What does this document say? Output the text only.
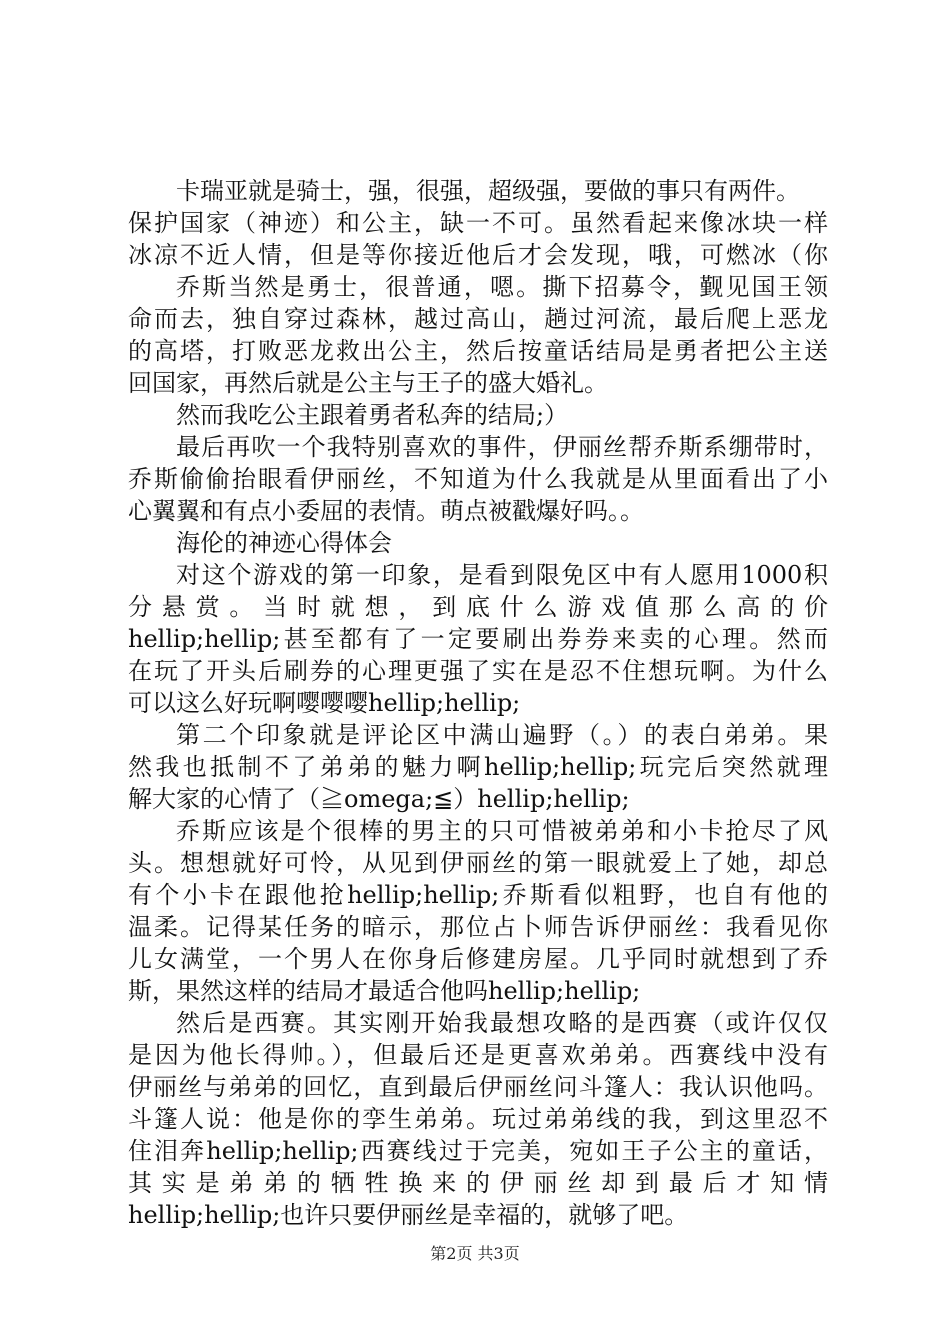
卡瑞亚就是骑士，强，很强，超级强，要做的事只有两件。
保护国家（神迹）和公主，缺一不可。虽然看起来像冰块一样
冰凉不近人情，但是等你接近他后才会发现，哦，可燃冰（你
乔斯当然是勇士，很普通，嗯。撕下招募令，觐见国王领
命而去，独自穿过森林，越过高山，趟过河流，最后爬上恶龙
的高塔，打败恶龙救出公主，然后按童话结局是勇者把公主送
回国家，再然后就是公主与王子的盛大婚礼。
然而我吃公主跟着勇者私奔的结局;）
最后再吹一个我特别喜欢的事件，伊丽丝帮乔斯系绷带时，
乔斯偷偷抬眼看伊丽丝，不知道为什么我就是从里面看出了小
心翼翼和有点小委屈的表情。萌点被戳爆好吗。。
海伦的神迹心得体会
对这个游戏的第一印象，是看到限免区中有人愿用1000积
分悬赏。当时就想，到底什么游戏值那么高的价
hellip;hellip;甚至都有了一定要刷出券券来卖的心理。然而
在玩了开头后刷券的心理更强了实在是忍不住想玩啊。为什么
可以这么好玩啊嘤嘤嘤hellip;hellip;
第二个印象就是评论区中满山遍野（。）的表白弟弟。果
然我也抵制不了弟弟的魅力啊hellip;hellip;玩完后突然就理
解大家的心情了（≧omega;≦）hellip;hellip;
乔斯应该是个很棒的男主的只可惜被弟弟和小卡抢尽了风
头。想想就好可怜，从见到伊丽丝的第一眼就爱上了她，却总
有个小卡在跟他抢hellip;hellip;乔斯看似粗野，也自有他的
温柔。记得某任务的暗示，那位占卜师告诉伊丽丝：我看见你
儿女满堂，一个男人在你身后修建房屋。几乎同时就想到了乔
斯，果然这样的结局才最适合他吗hellip;hellip;
然后是西赛。其实刚开始我最想攻略的是西赛（或许仅仅
是因为他长得帅。），但最后还是更喜欢弟弟。西赛线中没有
伊丽丝与弟弟的回忆，直到最后伊丽丝问斗篷人：我认识他吗。
斗篷人说：他是你的孪生弟弟。玩过弟弟线的我，到这里忍不
住泪奔hellip;hellip;西赛线过于完美，宛如王子公主的童话，
其实是弟弟的牺牲换来的伊丽丝却到最后才知情
hellip;hellip;也许只要伊丽丝是幸福的，就够了吧。
第2页 共3页
